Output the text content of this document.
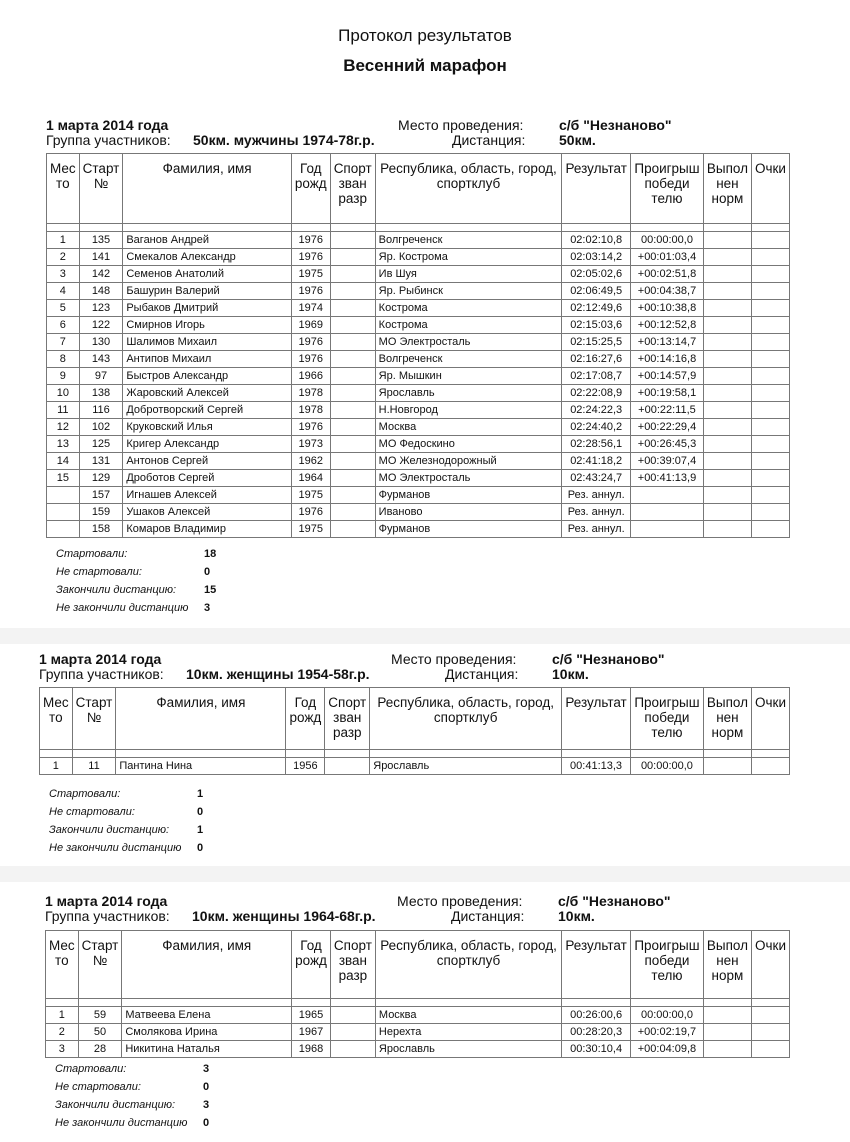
Протокол результатов
Весенний марафон
1 марта 2014 года
Группа участников: 50км. мужчины 1974-78г.р.
Место проведения:	с/б "Незнаново"
Дистанция: 50км.
Мес то	Старт №	Фамилия, имя	Год рожд	Спорт зван разр	Республика, область, город, спортклуб	Результат	Проигрыш победи телю	Выпол нен норм	Очки

1	135	Ваганов Андрей	1976		Волгреченск	02:02:10,8	00:00:00,0		
2	141	Смекалов Александр	1976		Яр. Кострома	02:03:14,2	+00:01:03,4		
3	142	Семенов Анатолий	1975		Ив Шуя	02:05:02,6	+00:02:51,8		
4	148	Башурин Валерий	1976		Яр. Рыбинск	02:06:49,5	+00:04:38,7		
5	123	Рыбаков Дмитрий	1974		Кострома	02:12:49,6	+00:10:38,8		
6	122	Смирнов Игорь	1969		Кострома	02:15:03,6	+00:12:52,8		
7	130	Шалимов Михаил	1976		МО Электросталь	02:15:25,5	+00:13:14,7		
8	143	Антипов Михаил	1976		Волгреченск	02:16:27,6	+00:14:16,8		
9	97	Быстров Александр	1966		Яр. Мышкин	02:17:08,7	+00:14:57,9		
10	138	Жаровский Алексей	1978		Ярославль	02:22:08,9	+00:19:58,1		
11	116	Добротворский Сергей	1978		Н.Новгород	02:24:22,3	+00:22:11,5		
12	102	Круковский Илья	1976		Москва	02:24:40,2	+00:22:29,4		
13	125	Кригер Александр	1973		МО Федоскино	02:28:56,1	+00:26:45,3		
14	131	Антонов Сергей	1962		МО Железнодорожный	02:41:18,2	+00:39:07,4		
15	129	Дроботов Сергей	1964		МО Электросталь	02:43:24,7	+00:41:13,9		
	157	Игнашев Алексей	1975		Фурманов	Рез. аннул.			
	159	Ушаков Алексей	1976		Иваново	Рез. аннул.			
	158	Комаров Владимир	1975		Фурманов	Рез. аннул.			
Стартовали:	18
Не стартовали:	0
Закончили дистанцию:	15
Не закончили дистанцию 3
1 марта 2014 года
Группа участников: 10км. женщины 1954-58г.р.
Место проведения:	с/б "Незнаново"
Дистанция: 10км.
Мес то	Старт №	Фамилия, имя	Год рожд	Спорт зван разр	Республика, область, город, спортклуб	Результат	Проигрыш победи телю	Выпол нен норм	Очки

1	11	Пантина Нина	1956		Ярославль	00:41:13,3	00:00:00,0		
Стартовали:	1
Не стартовали:	0
Закончили дистанцию:	1
Не закончили дистанцию 0
1 марта 2014 года
Группа участников: 10км. женщины 1964-68г.р.
Место проведения:	с/б "Незнаново"
Дистанция: 10км.
Мес то	Старт №	Фамилия, имя	Год рожд	Спорт зван разр	Республика, область, город, спортклуб	Результат	Проигрыш победи телю	Выпол нен норм	Очки

1	59	Матвеева Елена	1965		Москва	00:26:00,6	00:00:00,0		
2	50	Смолякова Ирина	1967		Нерехта	00:28:20,3	+00:02:19,7		
3	28	Никитина Наталья	1968		Ярославль	00:30:10,4	+00:04:09,8		
Стартовали:	3
Не стартовали:	0
Закончили дистанцию:	3
Не закончили дистанцию 0
